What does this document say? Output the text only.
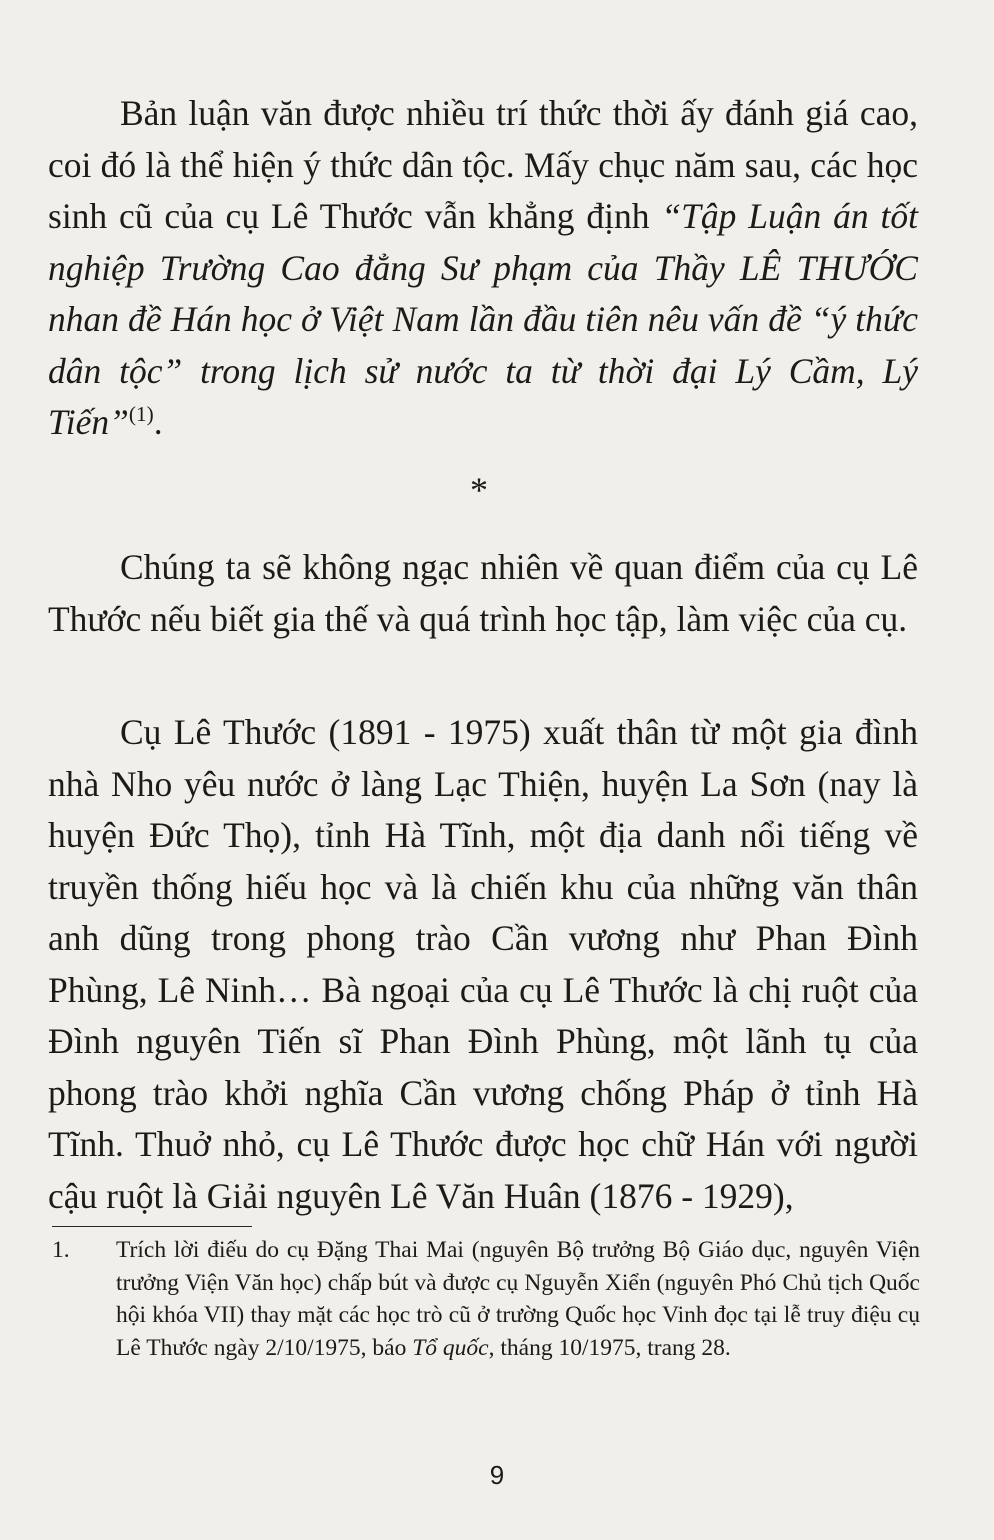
Bản luận văn được nhiều trí thức thời ấy đánh giá cao, coi đó là thể hiện ý thức dân tộc. Mấy chục năm sau, các học sinh cũ của cụ Lê Thước vẫn khẳng định “Tập Luận án tốt nghiệp Trường Cao đẳng Sư phạm của Thầy LÊ THƯỚC nhan đề Hán học ở Việt Nam lần đầu tiên nêu vấn đề “ý thức dân tộc” trong lịch sử nước ta từ thời đại Lý Cầm, Lý Tiến”$^{(1)}$.

*

Chúng ta sẽ không ngạc nhiên về quan điểm của cụ Lê Thước nếu biết gia thế và quá trình học tập, làm việc của cụ.

Cụ Lê Thước (1891 - 1975) xuất thân từ một gia đình nhà Nho yêu nước ở làng Lạc Thiện, huyện La Sơn (nay là huyện Đức Thọ), tỉnh Hà Tĩnh, một địa danh nổi tiếng về truyền thống hiếu học và là chiến khu của những văn thân anh dũng trong phong trào Cần vương như Phan Đình Phùng, Lê Ninh… Bà ngoại của cụ Lê Thước là chị ruột của Đình nguyên Tiến sĩ Phan Đình Phùng, một lãnh tụ của phong trào khởi nghĩa Cần vương chống Pháp ở tỉnh Hà Tĩnh. Thuở nhỏ, cụ Lê Thước được học chữ Hán với người cậu ruột là Giải nguyên Lê Văn Huân (1876 - 1929),

1. Trích lời điếu do cụ Đặng Thai Mai (nguyên Bộ trưởng Bộ Giáo dục, nguyên Viện trưởng Viện Văn học) chấp bút và được cụ Nguyễn Xiển (nguyên Phó Chủ tịch Quốc hội khóa VII) thay mặt các học trò cũ ở trường Quốc học Vinh đọc tại lễ truy điệu cụ Lê Thước ngày 2/10/1975, báo Tổ quốc, tháng 10/1975, trang 28.
9
